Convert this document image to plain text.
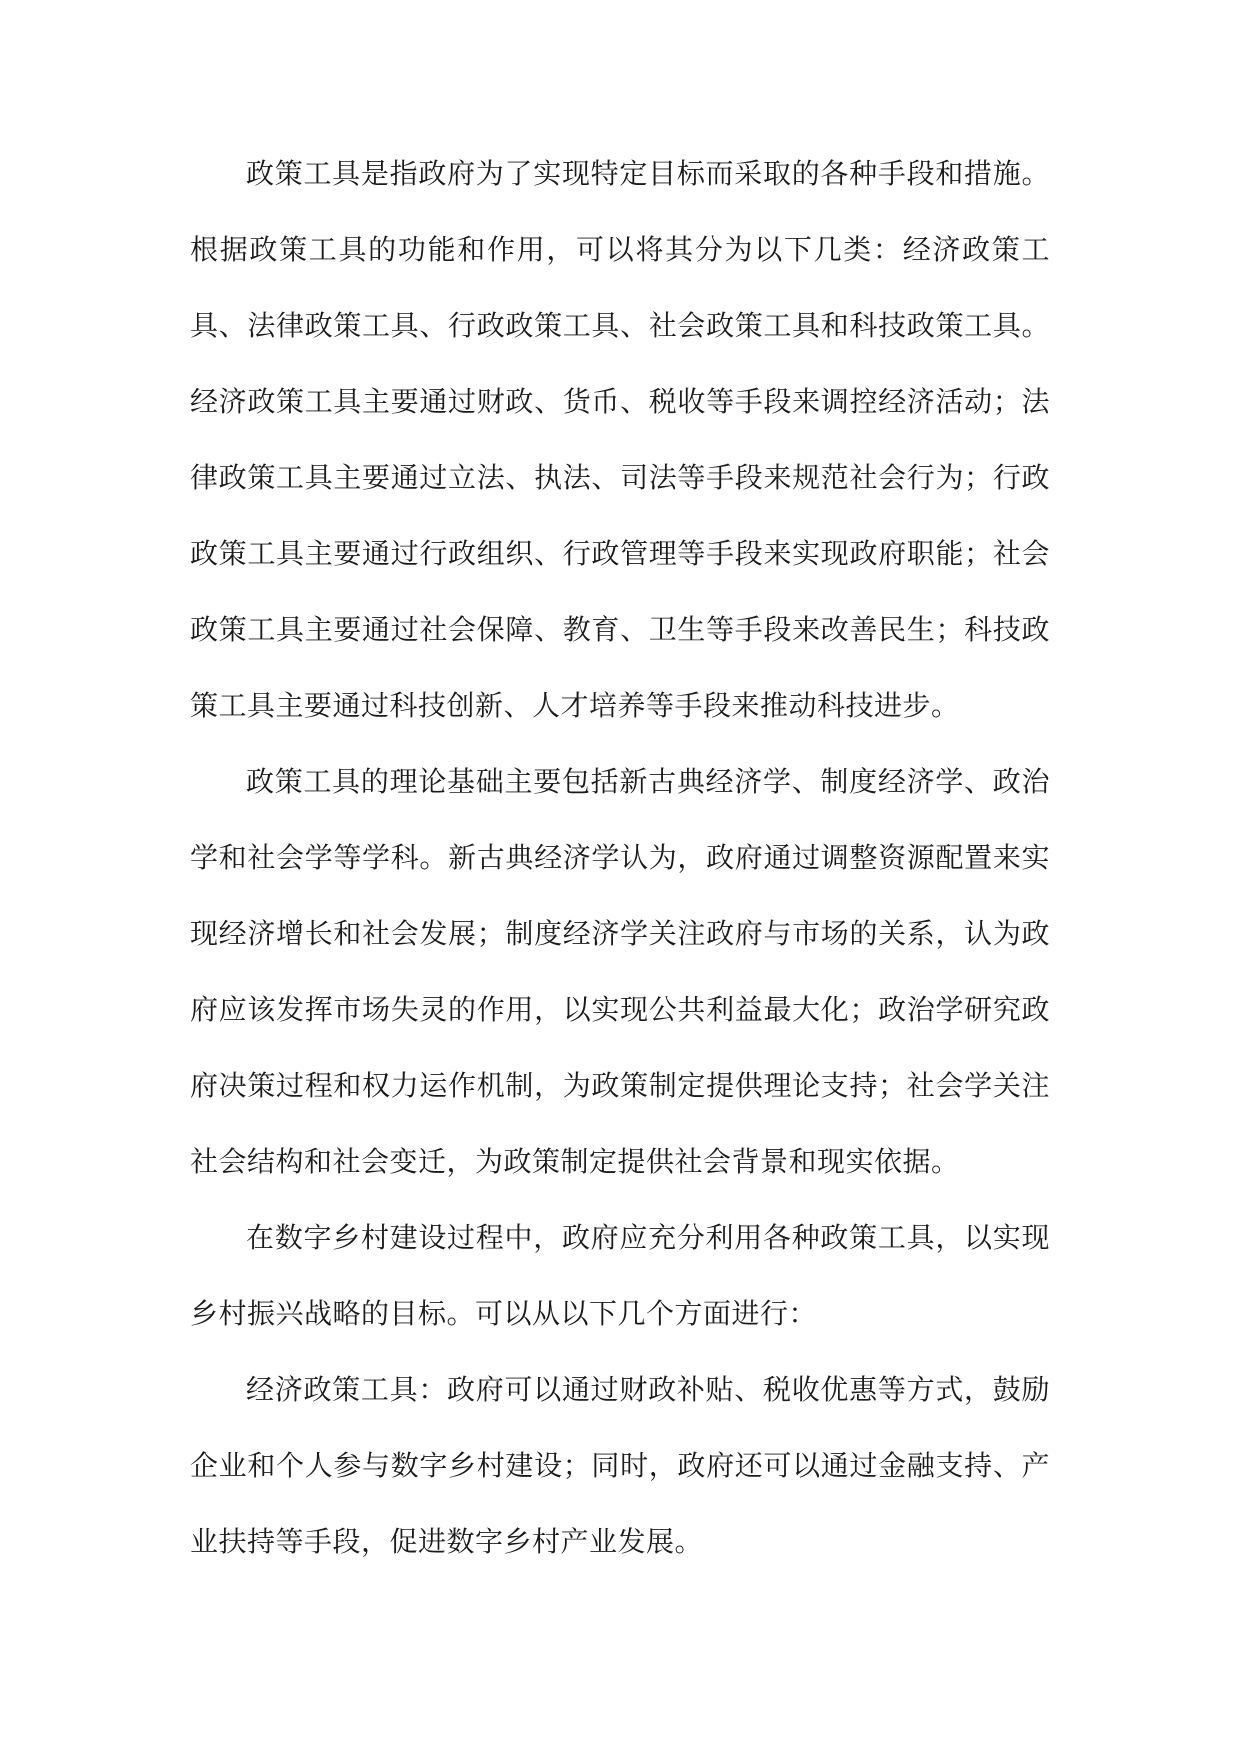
政策工具是指政府为了实现特定目标而采取的各种手段和措施。根据政策工具的功能和作用，可以将其分为以下几类：经济政策工具、法律政策工具、行政政策工具、社会政策工具和科技政策工具。经济政策工具主要通过财政、货币、税收等手段来调控经济活动；法律政策工具主要通过立法、执法、司法等手段来规范社会行为；行政政策工具主要通过行政组织、行政管理等手段来实现政府职能；社会政策工具主要通过社会保障、教育、卫生等手段来改善民生；科技政策工具主要通过科技创新、人才培养等手段来推动科技进步。

政策工具的理论基础主要包括新古典经济学、制度经济学、政治学和社会学等学科。新古典经济学认为，政府通过调整资源配置来实现经济增长和社会发展；制度经济学关注政府与市场的关系，认为政府应该发挥市场失灵的作用，以实现公共利益最大化；政治学研究政府决策过程和权力运作机制，为政策制定提供理论支持；社会学关注社会结构和社会变迁，为政策制定提供社会背景和现实依据。

在数字乡村建设过程中，政府应充分利用各种政策工具，以实现乡村振兴战略的目标。可以从以下几个方面进行：

经济政策工具：政府可以通过财政补贴、税收优惠等方式，鼓励企业和个人参与数字乡村建设；同时，政府还可以通过金融支持、产业扶持等手段，促进数字乡村产业发展。
